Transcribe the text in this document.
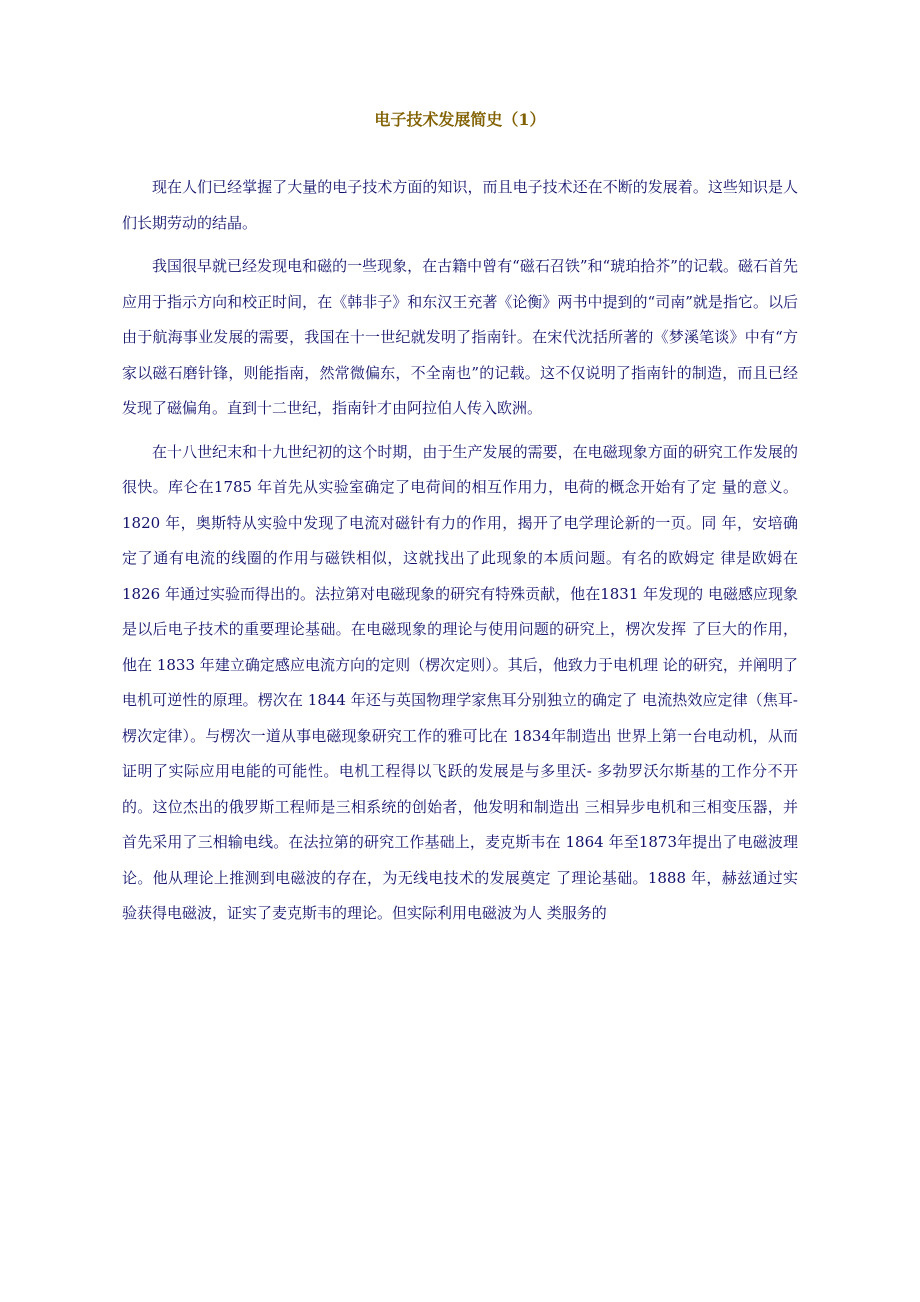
电子技术发展简史（1）

现在人们已经掌握了大量的电子技术方面的知识，而且电子技术还在不断的发展着。这些知识是人们长期劳动的结晶。

我国很早就已经发现电和磁的一些现象，在古籍中曾有“磁石召铁”和“琥珀拾芥”的记载。磁石首先应用于指示方向和校正时间，在《韩非子》和东汉王充著《论衡》两书中提到的“司南”就是指它。以后由于航海事业发展的需要，我国在十一世纪就发明了指南针。在宋代沈括所著的《梦溪笔谈》中有“方家以磁石磨针锋，则能指南，然常微偏东，不全南也”的记载。这不仅说明了指南针的制造，而且已经发现了磁偏角。直到十二世纪，指南针才由阿拉伯人传入欧洲。

在十八世纪末和十九世纪初的这个时期，由于生产发展的需要，在电磁现象方面的研究工作发展的很快。库仑在1785 年首先从实验室确定了电荷间的相互作用力，电荷的概念开始有了定 量的意义。1820 年，奥斯特从实验中发现了电流对磁针有力的作用，揭开了电学理论新的一页。同 年，安培确定了通有电流的线圈的作用与磁铁相似，这就找出了此现象的本质问题。有名的欧姆定 律是欧姆在 1826 年通过实验而得出的。法拉第对电磁现象的研究有特殊贡献，他在1831 年发现的 电磁感应现象是以后电子技术的重要理论基础。在电磁现象的理论与使用问题的研究上，楞次发挥 了巨大的作用，他在 1833 年建立确定感应电流方向的定则（楞次定则）。其后，他致力于电机理 论的研究，并阐明了电机可逆性的原理。楞次在 1844 年还与英国物理学家焦耳分别独立的确定了 电流热效应定律（焦耳-楞次定律）。与楞次一道从事电磁现象研究工作的雅可比在 1834年制造出 世界上第一台电动机，从而证明了实际应用电能的可能性。电机工程得以飞跃的发展是与多里沃- 多勃罗沃尔斯基的工作分不开的。这位杰出的俄罗斯工程师是三相系统的创始者，他发明和制造出 三相异步电机和三相变压器，并首先采用了三相输电线。在法拉第的研究工作基础上，麦克斯韦在 1864 年至1873年提出了电磁波理论。他从理论上推测到电磁波的存在，为无线电技术的发展奠定 了理论基础。1888 年，赫兹通过实验获得电磁波，证实了麦克斯韦的理论。但实际利用电磁波为人 类服务的
